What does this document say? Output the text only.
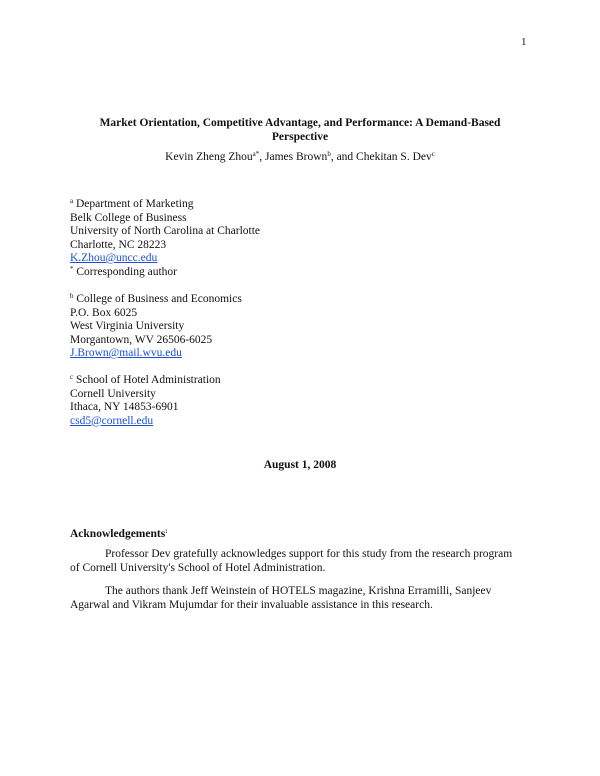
1
Market Orientation, Competitive Advantage, and Performance: A Demand-Based
Perspective
Kevin Zheng Zhou$^{a*}$, James Brown$^b$, and Chekitan S. Dev$^c$
$^a$ Department of Marketing
Belk College of Business
University of North Carolina at Charlotte
Charlotte, NC 28223
K.Zhou@uncc.edu
* Corresponding author
$^b$ College of Business and Economics
P.O. Box 6025
West Virginia University
Morgantown, WV 26506-6025
J.Brown@mail.wvu.edu
$^c$ School of Hotel Administration
Cornell University
Ithaca, NY 14853-6901
csd5@cornell.edu
August 1, 2008
Acknowledgements:
Professor Dev gratefully acknowledges support for this study from the research program
of Cornell University's School of Hotel Administration.
The authors thank Jeff Weinstein of HOTELS magazine, Krishna Erramilli, Sanjeev
Agarwal and Vikram Mujumdar for their invaluable assistance in this research.
